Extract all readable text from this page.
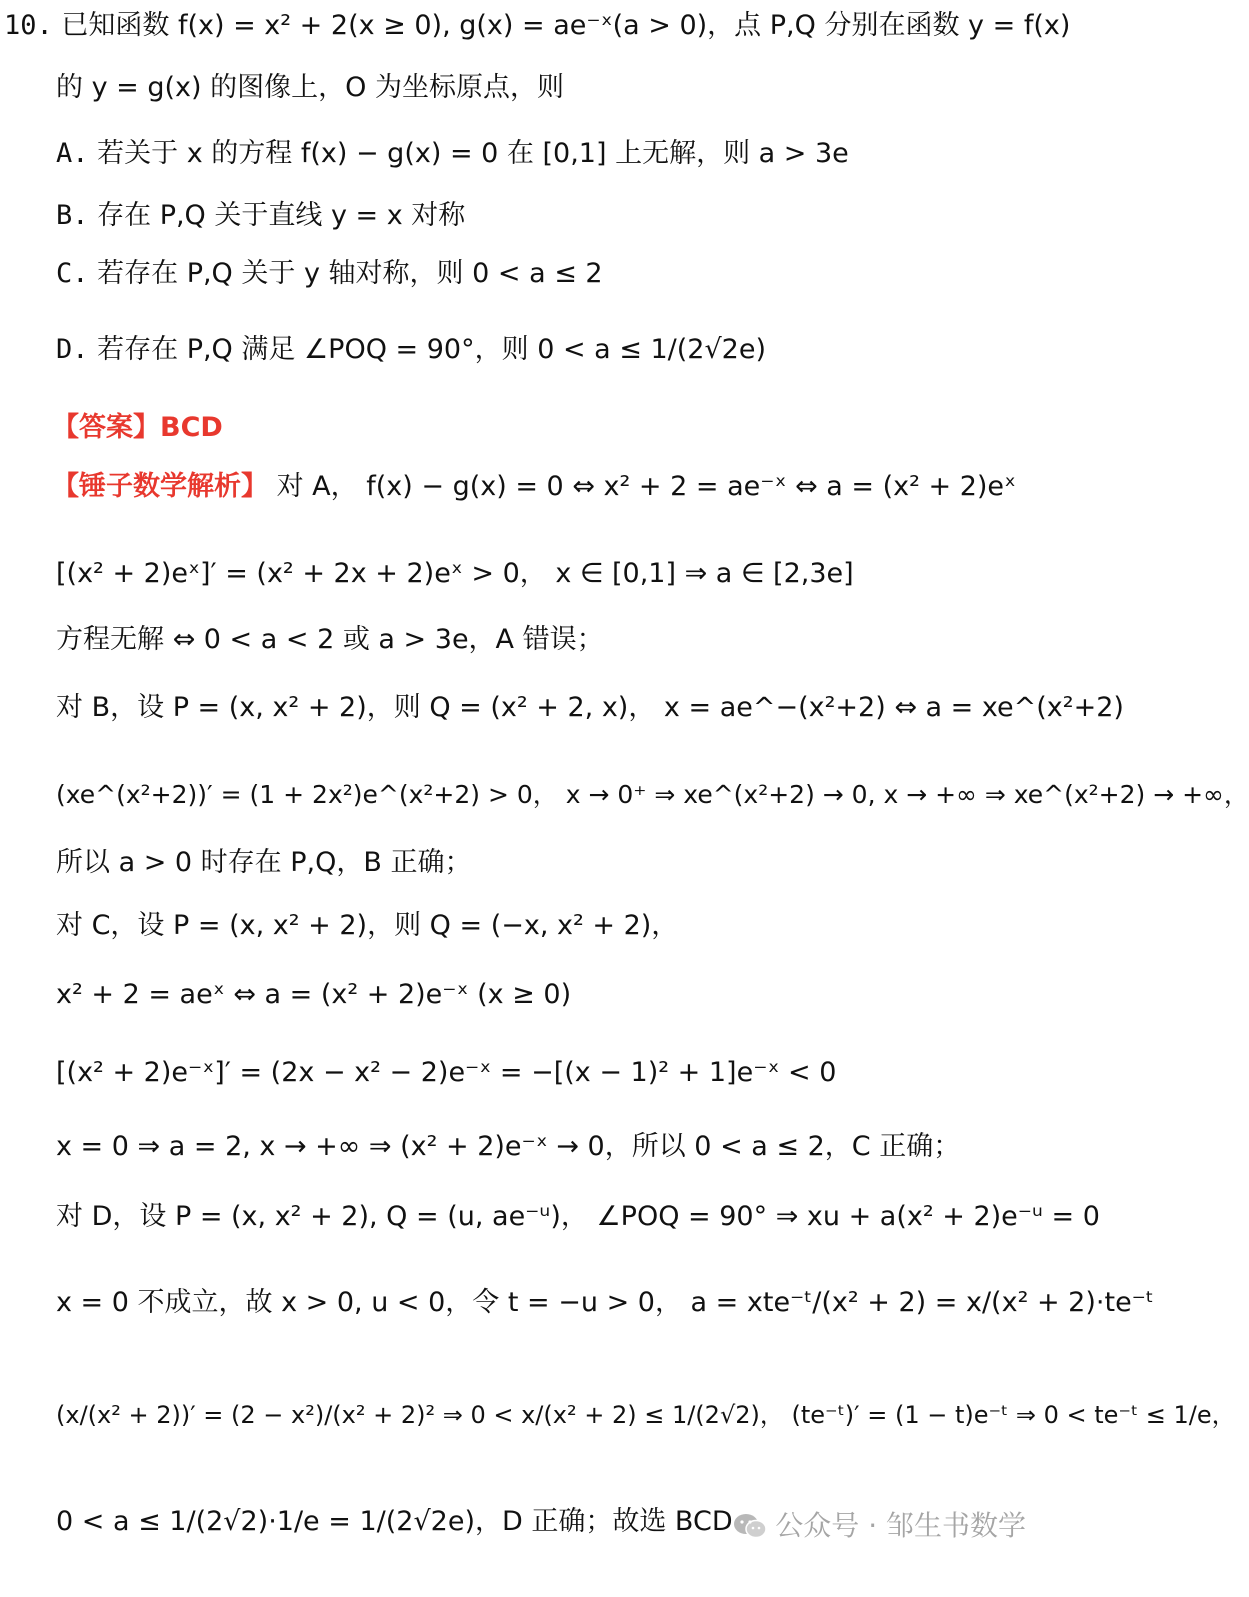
10. 已知函数 f(x) = x² + 2(x ≥ 0), g(x) = ae⁻ˣ(a > 0)，点 P,Q 分别在函数 y = f(x)
的 y = g(x) 的图像上，O 为坐标原点，则
A. 若关于 x 的方程 f(x) − g(x) = 0 在 [0,1] 上无解，则 a > 3e
B. 存在 P,Q 关于直线 y = x 对称
C. 若存在 P,Q 关于 y 轴对称，则 0 < a ≤ 2
D. 若存在 P,Q 满足 ∠POQ = 90°，则 0 < a ≤ 1/(2√2e)
【答案】BCD
【锤子数学解析】 对 A， f(x) − g(x) = 0 ⇔ x² + 2 = ae⁻ˣ ⇔ a = (x² + 2)eˣ
[(x² + 2)eˣ]′ = (x² + 2x + 2)eˣ > 0， x ∈ [0,1] ⇒ a ∈ [2,3e]
方程无解 ⇔ 0 < a < 2 或 a > 3e，A 错误；
对 B，设 P = (x, x² + 2)，则 Q = (x² + 2, x)， x = ae^−(x²+2) ⇔ a = xe^(x²+2)
(xe^(x²+2))′ = (1 + 2x²)e^(x²+2) > 0， x → 0⁺ ⇒ xe^(x²+2) → 0, x → +∞ ⇒ xe^(x²+2) → +∞，
所以 a > 0 时存在 P,Q，B 正确；
对 C，设 P = (x, x² + 2)，则 Q = (−x, x² + 2)，
x² + 2 = aeˣ ⇔ a = (x² + 2)e⁻ˣ (x ≥ 0)
[(x² + 2)e⁻ˣ]′ = (2x − x² − 2)e⁻ˣ = −[(x − 1)² + 1]e⁻ˣ < 0
x = 0 ⇒ a = 2, x → +∞ ⇒ (x² + 2)e⁻ˣ → 0，所以 0 < a ≤ 2，C 正确；
对 D，设 P = (x, x² + 2), Q = (u, ae⁻ᵘ)， ∠POQ = 90° ⇒ xu + a(x² + 2)e⁻ᵘ = 0
x = 0 不成立，故 x > 0, u < 0，令 t = −u > 0， a = xte⁻ᵗ/(x² + 2) = x/(x² + 2)·te⁻ᵗ
(x/(x² + 2))′ = (2 − x²)/(x² + 2)² ⇒ 0 < x/(x² + 2) ≤ 1/(2√2)， (te⁻ᵗ)′ = (1 − t)e⁻ᵗ ⇒ 0 < te⁻ᵗ ≤ 1/e，
0 < a ≤ 1/(2√2)·1/e = 1/(2√2e)，D 正确；故选 BCD	公众号 · 邹生书数学
